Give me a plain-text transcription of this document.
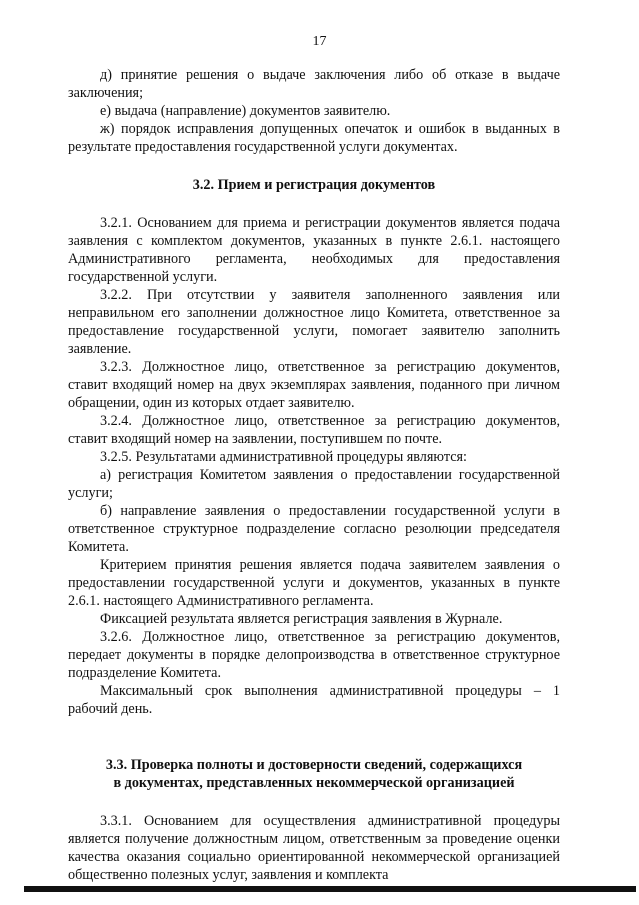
17

д) принятие решения о выдаче заключения либо об отказе в выдаче заключения;

е) выдача (направление) документов заявителю.

ж) порядок исправления допущенных опечаток и ошибок в выданных в результате предоставления государственной услуги документах.

3.2. Прием и регистрация документов

3.2.1. Основанием для приема и регистрации документов является подача заявления с комплектом документов, указанных в пункте 2.6.1. настоящего Административного регламента, необходимых для предоставления государственной услуги.

3.2.2. При отсутствии у заявителя заполненного заявления или неправильном его заполнении должностное лицо Комитета, ответственное за предоставление государственной услуги, помогает заявителю заполнить заявление.

3.2.3. Должностное лицо, ответственное за регистрацию документов, ставит входящий номер на двух экземплярах заявления, поданного при личном обращении, один из которых отдает заявителю.

3.2.4. Должностное лицо, ответственное за регистрацию документов, ставит входящий номер на заявлении, поступившем по почте.

3.2.5. Результатами административной процедуры являются:

а) регистрация Комитетом заявления о предоставлении государственной услуги;

б) направление заявления о предоставлении государственной услуги в ответственное структурное подразделение согласно резолюции председателя Комитета.

Критерием принятия решения является подача заявителем заявления о предоставлении государственной услуги и документов, указанных в пункте 2.6.1. настоящего Административного регламента.

Фиксацией результата является регистрация заявления в Журнале.

3.2.6. Должностное лицо, ответственное за регистрацию документов, передает документы в порядке делопроизводства в ответственное структурное подразделение Комитета.

Максимальный срок выполнения административной процедуры – 1 рабочий день.

3.3. Проверка полноты и достоверности сведений, содержащихся
в документах, представленных некоммерческой организацией

3.3.1. Основанием для осуществления административной процедуры является получение должностным лицом, ответственным за проведение оценки качества оказания социально ориентированной некоммерческой организацией общественно полезных услуг, заявления и комплекта
